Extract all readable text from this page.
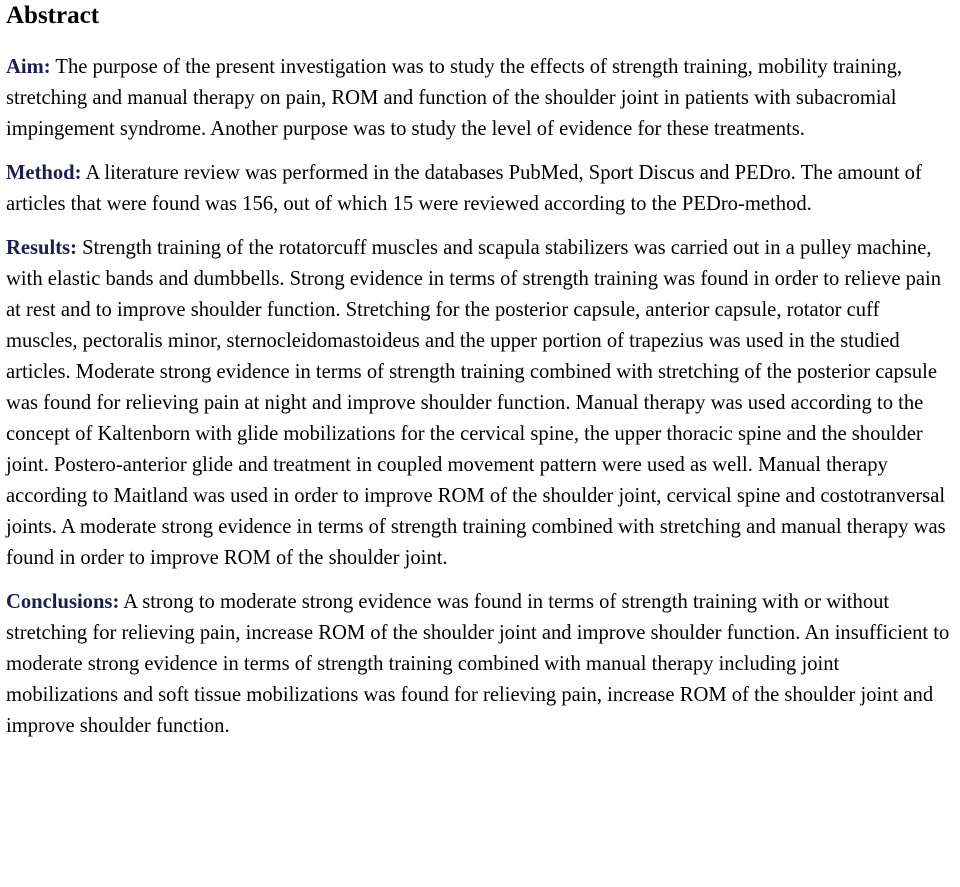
Abstract

Aim: The purpose of the present investigation was to study the effects of strength training, mobility training, stretching and manual therapy on pain, ROM and function of the shoulder joint in patients with subacromial impingement syndrome. Another purpose was to study the level of evidence for these treatments.

Method: A literature review was performed in the databases PubMed, Sport Discus and PEDro. The amount of articles that were found was 156, out of which 15 were reviewed according to the PEDro-method.

Results: Strength training of the rotatorcuff muscles and scapula stabilizers was carried out in a pulley machine, with elastic bands and dumbbells. Strong evidence in terms of strength training was found in order to relieve pain at rest and to improve shoulder function. Stretching for the posterior capsule, anterior capsule, rotator cuff muscles, pectoralis minor, sternocleidomastoideus and the upper portion of trapezius was used in the studied articles. Moderate strong evidence in terms of strength training combined with stretching of the posterior capsule was found for relieving pain at night and improve shoulder function. Manual therapy was used according to the concept of Kaltenborn with glide mobilizations for the cervical spine, the upper thoracic spine and the shoulder joint. Postero-anterior glide and treatment in coupled movement pattern were used as well. Manual therapy according to Maitland was used in order to improve ROM of the shoulder joint, cervical spine and costotranversal joints. A moderate strong evidence in terms of strength training combined with stretching and manual therapy was found in order to improve ROM of the shoulder joint.

Conclusions: A strong to moderate strong evidence was found in terms of strength training with or without stretching for relieving pain, increase ROM of the shoulder joint and improve shoulder function. An insufficient to moderate strong evidence in terms of strength training combined with manual therapy including joint mobilizations and soft tissue mobilizations was found for relieving pain, increase ROM of the shoulder joint and improve shoulder function.
